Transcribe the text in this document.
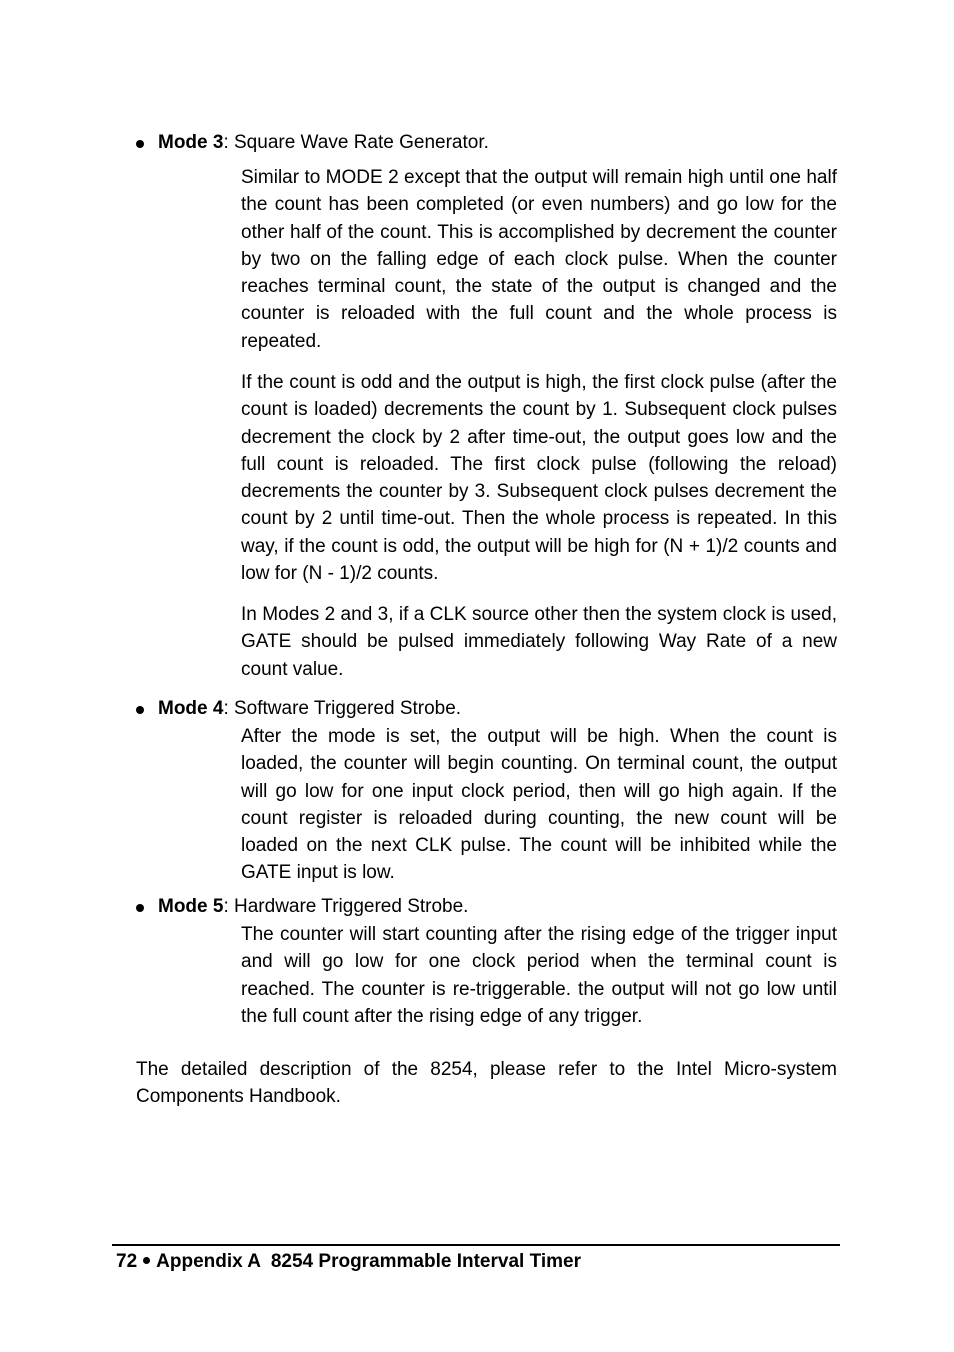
Mode 3: Square Wave Rate Generator.

Similar to MODE 2 except that the output will remain high until one half the count has been completed (or even numbers) and go low for the other half of the count. This is accomplished by decrement the counter by two on the falling edge of each clock pulse. When the counter reaches terminal count, the state of the output is changed and the counter is reloaded with the full count and the whole process is repeated.

If the count is odd and the output is high, the first clock pulse (after the count is loaded) decrements the count by 1. Subsequent clock pulses decrement the clock by 2 after time-out, the output goes low and the full count is reloaded. The first clock pulse (following the reload) decrements the counter by 3. Subsequent clock pulses decrement the count by 2 until time-out. Then the whole process is repeated. In this way, if the count is odd, the output will be high for (N + 1)/2 counts and low for (N - 1)/2 counts.

In Modes 2 and 3, if a CLK source other then the system clock is used, GATE should be pulsed immediately following Way Rate of a new count value.

Mode 4: Software Triggered Strobe.

After the mode is set, the output will be high. When the count is loaded, the counter will begin counting. On terminal count, the output will go low for one input clock period, then will go high again. If the count register is reloaded during counting, the new count will be loaded on the next CLK pulse. The count will be inhibited while the GATE input is low.

Mode 5: Hardware Triggered Strobe.

The counter will start counting after the rising edge of the trigger input and will go low for one clock period when the terminal count is reached. The counter is re-triggerable. the output will not go low until the full count after the rising edge of any trigger.

The detailed description of the 8254, please refer to the Intel Micro-system Components Handbook.

72 Appendix A  8254 Programmable Interval Timer
